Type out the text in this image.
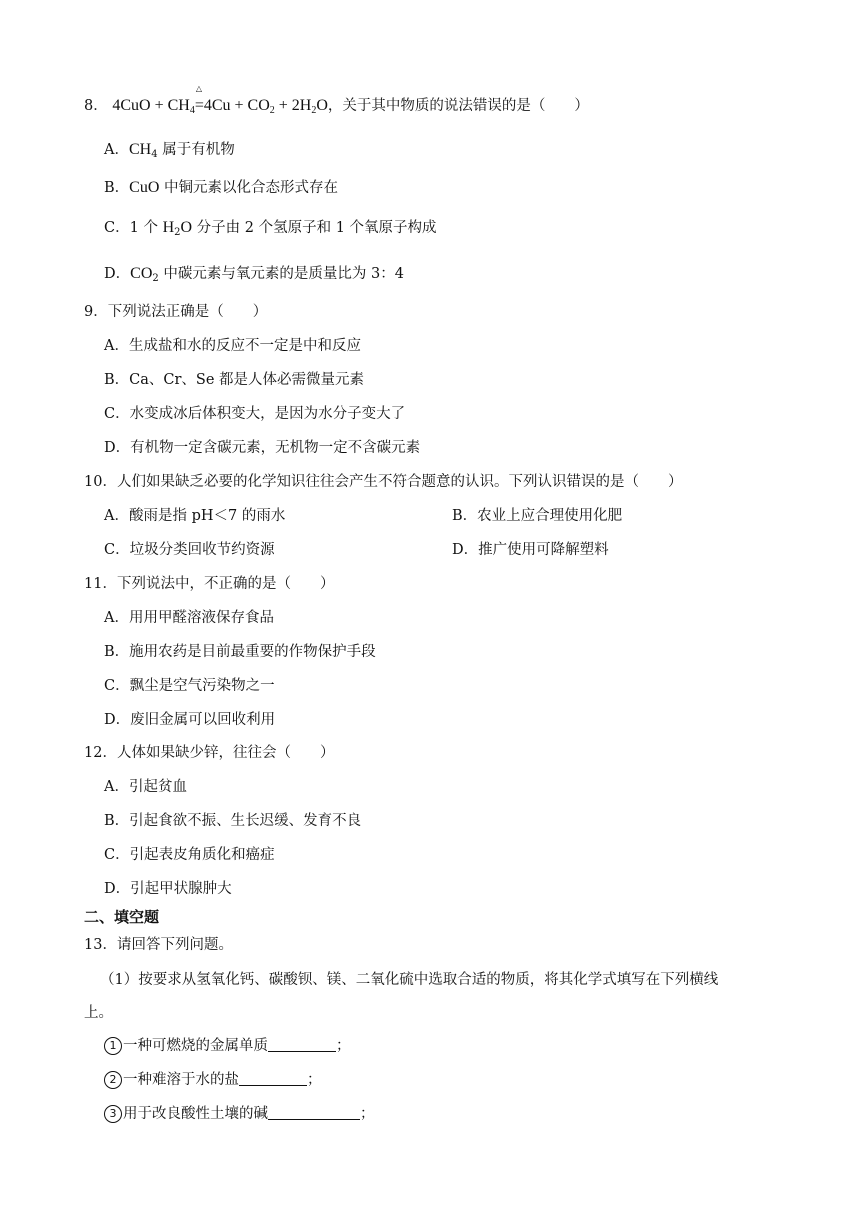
8． $4CuO + CH_4$
△
$=4Cu + CO_2 + 2H_2O$，关于其中物质的说法错误的是（　　）
A．$CH_4$ 属于有机物
B．CuO 中铜元素以化合态形式存在
C．1 个 $H_2O$ 分子由 2 个氢原子和 1 个氧原子构成
D．$CO_2$ 中碳元素与氧元素的是质量比为 3：4
9．下列说法正确是（　　）
A．生成盐和水的反应不一定是中和反应
B．Ca、Cr、Se 都是人体必需微量元素
C．水变成冰后体积变大，是因为水分子变大了
D．有机物一定含碳元素，无机物一定不含碳元素
10．人们如果缺乏必要的化学知识往往会产生不符合题意的认识。下列认识错误的是（　　）
A．酸雨是指 pH＜7 的雨水	B．农业上应合理使用化肥
C．垃圾分类回收节约资源	D．推广使用可降解塑料
11．下列说法中，不正确的是（　　）
A．用用甲醛溶液保存食品
B．施用农药是目前最重要的作物保护手段
C．飘尘是空气污染物之一
D．废旧金属可以回收利用
12．人体如果缺少锌，往往会（　　）
A．引起贫血
B．引起食欲不振、生长迟缓、发育不良
C．引起表皮角质化和癌症
D．引起甲状腺肿大
二、填空题
13．请回答下列问题。
（1）按要求从氢氧化钙、碳酸钡、镁、二氧化硫中选取合适的物质，将其化学式填写在下列横线
上。
1 一种可燃烧的金属单质	；
2 一种难溶于水的盐	；
3 用于改良酸性土壤的碱	；
